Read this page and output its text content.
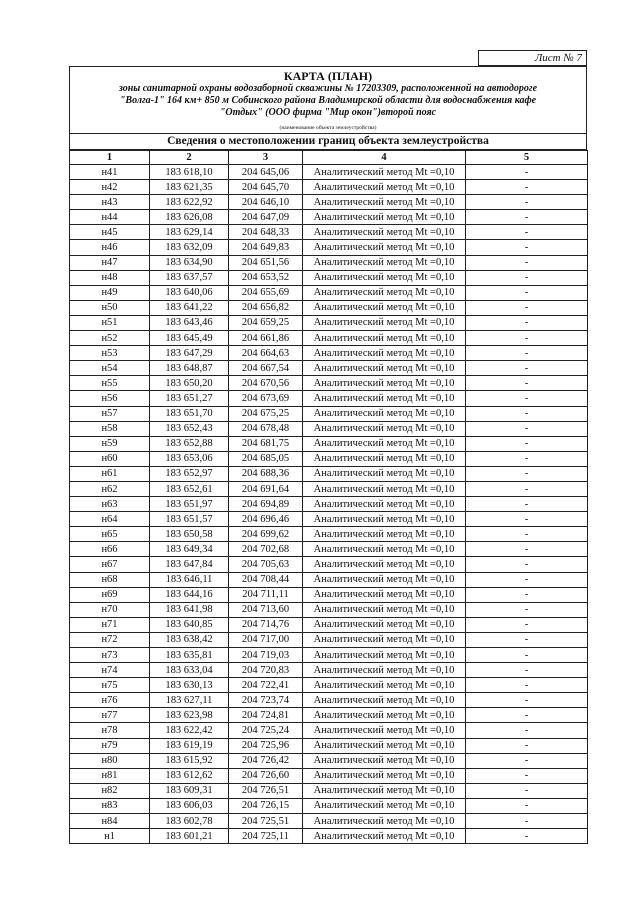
Лист № 7
КАРТА (ПЛАН)
зоны санитарной охраны водозаборной скважины № 17203309, расположенной на автодороге
"Волга-1" 164 км+ 850 м Собинского района Владимирской области для водоснабжения кафе
"Отдых" (ООО фирма "Мир окон")второй пояс
(наименование объекта землеустройства)
Сведения о местоположении границ объекта землеустройства
1	2	3	4	5
н41	183 618,10	204 645,06	Аналитический метод Mt =0,10	-
н42	183 621,35	204 645,70	Аналитический метод Mt =0,10	-
н43	183 622,92	204 646,10	Аналитический метод Mt =0,10	-
н44	183 626,08	204 647,09	Аналитический метод Mt =0,10	-
н45	183 629,14	204 648,33	Аналитический метод Mt =0,10	-
н46	183 632,09	204 649,83	Аналитический метод Mt =0,10	-
н47	183 634,90	204 651,56	Аналитический метод Mt =0,10	-
н48	183 637,57	204 653,52	Аналитический метод Mt =0,10	-
н49	183 640,06	204 655,69	Аналитический метод Mt =0,10	-
н50	183 641,22	204 656,82	Аналитический метод Mt =0,10	-
н51	183 643,46	204 659,25	Аналитический метод Mt =0,10	-
н52	183 645,49	204 661,86	Аналитический метод Mt =0,10	-
н53	183 647,29	204 664,63	Аналитический метод Mt =0,10	-
н54	183 648,87	204 667,54	Аналитический метод Mt =0,10	-
н55	183 650,20	204 670,56	Аналитический метод Mt =0,10	-
н56	183 651,27	204 673,69	Аналитический метод Mt =0,10	-
н57	183 651,70	204 675,25	Аналитический метод Mt =0,10	-
н58	183 652,43	204 678,48	Аналитический метод Mt =0,10	-
н59	183 652,88	204 681,75	Аналитический метод Mt =0,10	-
н60	183 653,06	204 685,05	Аналитический метод Mt =0,10	-
н61	183 652,97	204 688,36	Аналитический метод Mt =0,10	-
н62	183 652,61	204 691,64	Аналитический метод Mt =0,10	-
н63	183 651,97	204 694,89	Аналитический метод Mt =0,10	-
н64	183 651,57	204 696,46	Аналитический метод Mt =0,10	-
н65	183 650,58	204 699,62	Аналитический метод Mt =0,10	-
н66	183 649,34	204 702,68	Аналитический метод Mt =0,10	-
н67	183 647,84	204 705,63	Аналитический метод Mt =0,10	-
н68	183 646,11	204 708,44	Аналитический метод Mt =0,10	-
н69	183 644,16	204 711,11	Аналитический метод Mt =0,10	-
н70	183 641,98	204 713,60	Аналитический метод Mt =0,10	-
н71	183 640,85	204 714,76	Аналитический метод Mt =0,10	-
н72	183 638,42	204 717,00	Аналитический метод Mt =0,10	-
н73	183 635,81	204 719,03	Аналитический метод Mt =0,10	-
н74	183 633,04	204 720,83	Аналитический метод Mt =0,10	-
н75	183 630,13	204 722,41	Аналитический метод Mt =0,10	-
н76	183 627,11	204 723,74	Аналитический метод Mt =0,10	-
н77	183 623,98	204 724,81	Аналитический метод Mt =0,10	-
н78	183 622,42	204 725,24	Аналитический метод Mt =0,10	-
н79	183 619,19	204 725,96	Аналитический метод Mt =0,10	-
н80	183 615,92	204 726,42	Аналитический метод Mt =0,10	-
н81	183 612,62	204 726,60	Аналитический метод Mt =0,10	-
н82	183 609,31	204 726,51	Аналитический метод Mt =0,10	-
н83	183 606,03	204 726,15	Аналитический метод Mt =0,10	-
н84	183 602,78	204 725,51	Аналитический метод Mt =0,10	-
н1	183 601,21	204 725,11	Аналитический метод Mt =0,10	-
